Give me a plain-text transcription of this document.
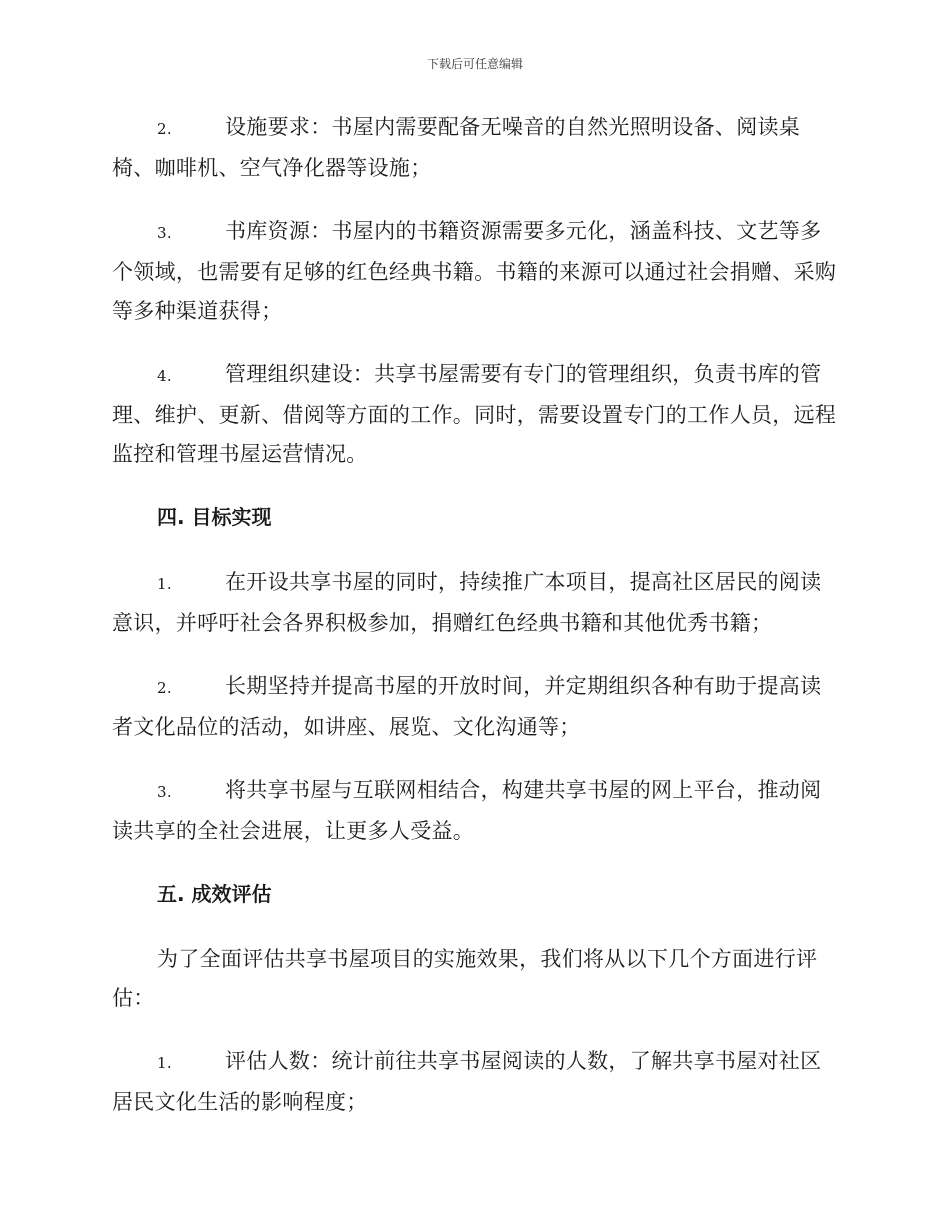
下载后可任意编辑
2.	设施要求：书屋内需要配备无噪音的自然光照明设备、阅读桌椅、咖啡机、空气净化器等设施；
3.	书库资源：书屋内的书籍资源需要多元化，涵盖科技、文艺等多个领域，也需要有足够的红色经典书籍。书籍的来源可以通过社会捐赠、采购等多种渠道获得；
4.	管理组织建设：共享书屋需要有专门的管理组织，负责书库的管理、维护、更新、借阅等方面的工作。同时，需要设置专门的工作人员，远程监控和管理书屋运营情况。
四. 目标实现
1.	在开设共享书屋的同时，持续推广本项目，提高社区居民的阅读意识，并呼吁社会各界积极参加，捐赠红色经典书籍和其他优秀书籍；
2.	长期坚持并提高书屋的开放时间，并定期组织各种有助于提高读者文化品位的活动，如讲座、展览、文化沟通等；
3.	将共享书屋与互联网相结合，构建共享书屋的网上平台，推动阅读共享的全社会进展，让更多人受益。
五. 成效评估
为了全面评估共享书屋项目的实施效果，我们将从以下几个方面进行评估：
1.	评估人数：统计前往共享书屋阅读的人数，了解共享书屋对社区居民文化生活的影响程度；
